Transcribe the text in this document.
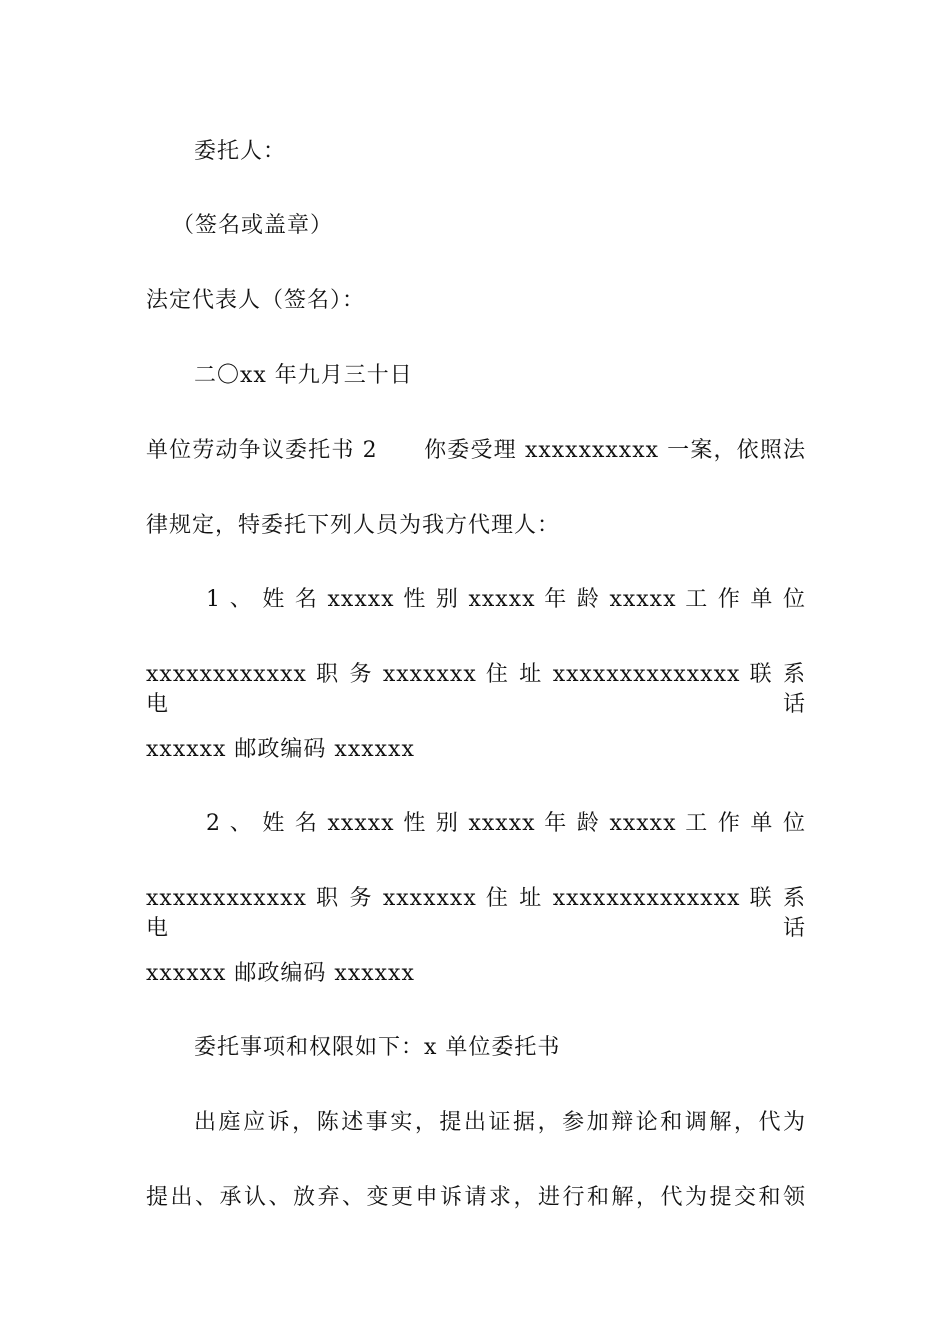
委托人：
（签名或盖章）
法定代表人（签名）：
二〇xx 年九月三十日
单位劳动争议委托书 2　　你委受理 xxxxxxxxxx 一案，依照法
律规定，特委托下列人员为我方代理人：
1 、 姓 名 xxxxx 性 别 xxxxx 年 龄 xxxxx 工 作 单 位
xxxxxxxxxxxx 职 务 xxxxxxx 住 址 xxxxxxxxxxxxxx 联 系 电 话
xxxxxx 邮政编码 xxxxxx
2 、 姓 名 xxxxx 性 别 xxxxx 年 龄 xxxxx 工 作 单 位
xxxxxxxxxxxx 职 务 xxxxxxx 住 址 xxxxxxxxxxxxxx 联 系 电 话
xxxxxx 邮政编码 xxxxxx
委托事项和权限如下：x 单位委托书
出庭应诉，陈述事实，提出证据，参加辩论和调解，代为
提出、承认、放弃、变更申诉请求，进行和解，代为提交和领
